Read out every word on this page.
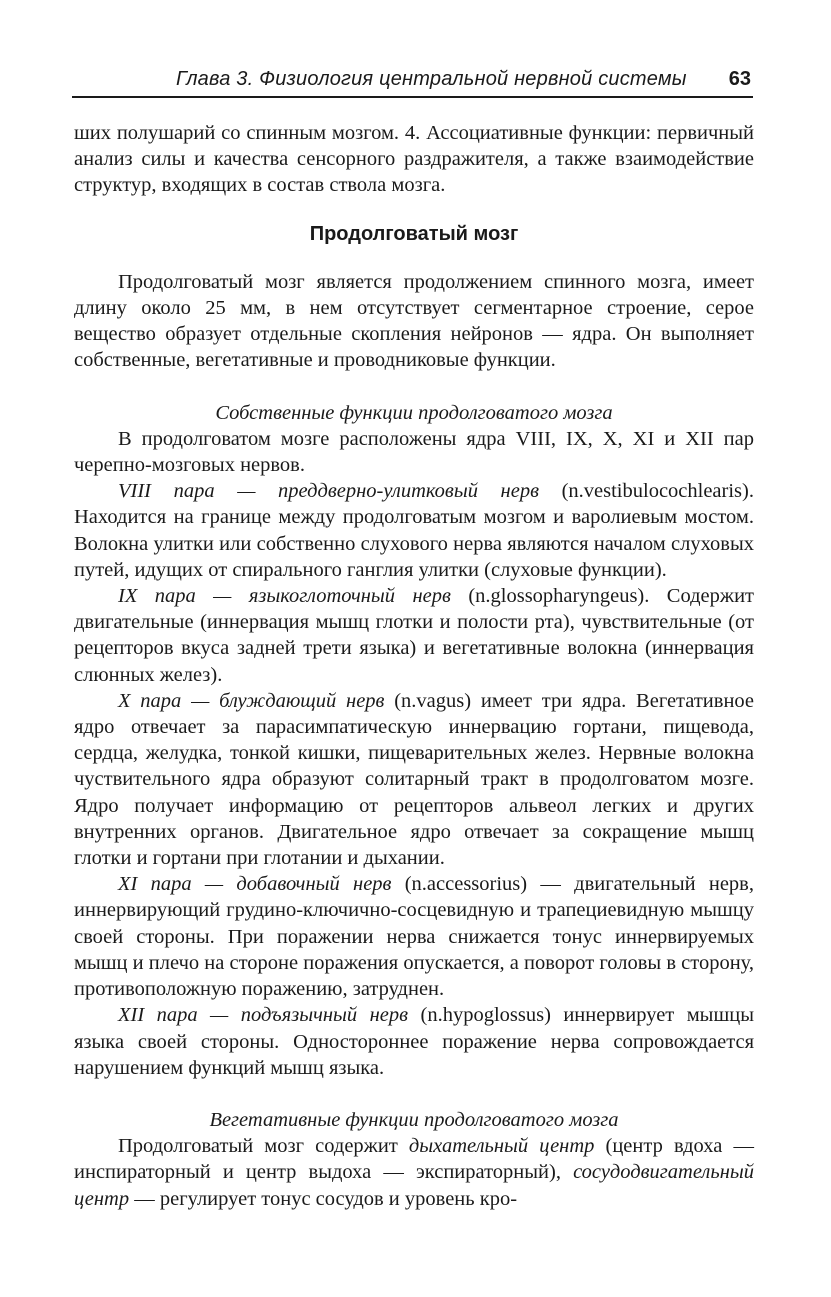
Глава 3. Физиология центральной нервной системы 63

ших полушарий со спинным мозгом. 4. Ассоциативные функции: первичный анализ силы и качества сенсорного раздражителя, а также взаимодействие структур, входящих в состав ствола мозга.

Продолговатый мозг

Продолговатый мозг является продолжением спинного мозга, имеет длину около 25 мм, в нем отсутствует сегментарное строение, серое вещество образует отдельные скопления нейронов — ядра. Он выполняет собственные, вегетативные и проводниковые функции.

Собственные функции продолговатого мозга

В продолговатом мозге расположены ядра VIII, IX, X, XI и XII пар черепно-мозговых нервов.

VIII пара — преддверно-улитковый нерв (n.vestibulocochlearis). Находится на границе между продолговатым мозгом и варолиевым мостом. Волокна улитки или собственно слухового нерва являются началом слуховых путей, идущих от спирального ганглия улитки (слуховые функции).

IX пара — языкоглоточный нерв (n.glossopharyngeus). Содержит двигательные (иннервация мышц глотки и полости рта), чувствительные (от рецепторов вкуса задней трети языка) и вегетативные волокна (иннервация слюнных желез).

X пара — блуждающий нерв (n.vagus) имеет три ядра. Вегетативное ядро отвечает за парасимпатическую иннервацию гортани, пищевода, сердца, желудка, тонкой кишки, пищеварительных желез. Нервные волокна чуствительного ядра образуют солитарный тракт в продолговатом мозге. Ядро получает информацию от рецепторов альвеол легких и других внутренних органов. Двигательное ядро отвечает за сокращение мышц глотки и гортани при глотании и дыхании.

XI пара — добавочный нерв (n.accessorius) — двигательный нерв, иннервирующий грудино-ключично-сосцевидную и трапециевидную мышцу своей стороны. При поражении нерва снижается тонус иннервируемых мышц и плечо на стороне поражения опускается, а поворот головы в сторону, противоположную поражению, затруднен.

XII пара — подъязычный нерв (n.hypoglossus) иннервирует мышцы языка своей стороны. Одностороннее поражение нерва сопровождается нарушением функций мышц языка.

Вегетативные функции продолговатого мозга

Продолговатый мозг содержит дыхательный центр (центр вдоха — инспираторный и центр выдоха — экспираторный), сосудодвигательный центр — регулирует тонус сосудов и уровень кро-
